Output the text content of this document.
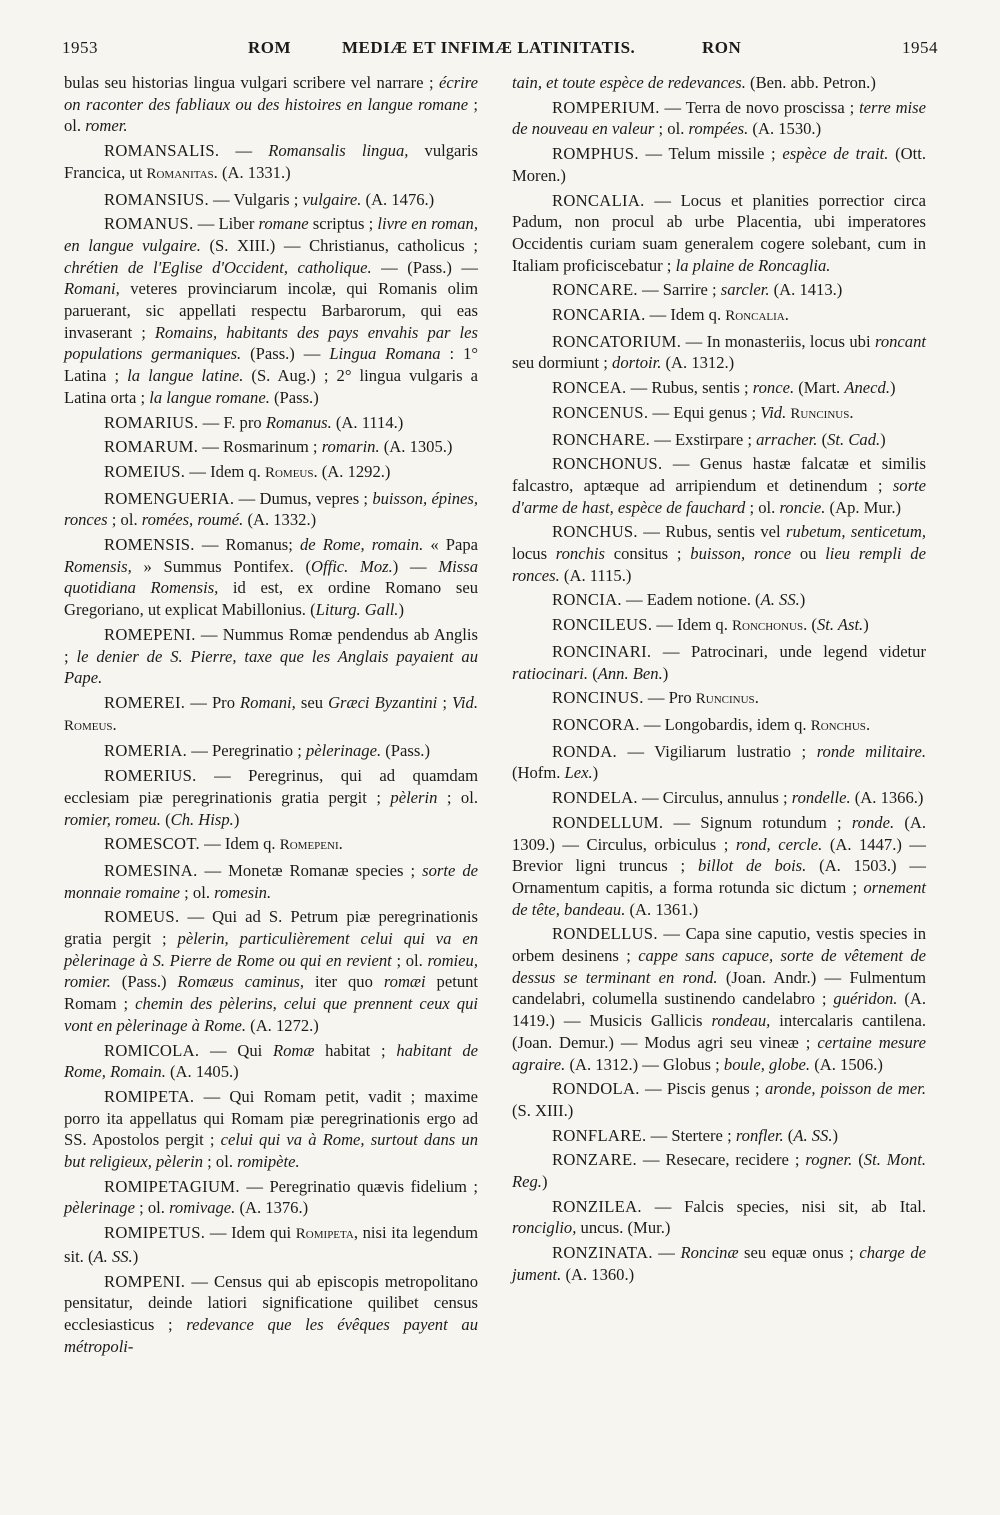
1953	ROM	MEDIÆ ET INFIMÆ LATINITATIS.	RON	1954

bulas seu historias lingua vulgari scribere vel narrare ; écrire on raconter des fabliaux ou des histoires en langue romane ; ol. romer.

ROMANSALIS. — Romansalis lingua, vulgaris Francica, ut Romanitas. (A. 1331.)

ROMANSIUS. — Vulgaris ; vulgaire. (A. 1476.)

ROMANUS. — Liber romane scriptus ; livre en roman, en langue vulgaire. (S. XIII.) — Christianus, catholicus ; chrétien de l'Eglise d'Occident, catholique. — (Pass.) — Romani, veteres provinciarum incolæ, qui Romanis olim paruerant, sic appellati respectu Barbarorum, qui eas invaserant ; Romains, habitants des pays envahis par les populations germaniques. (Pass.) — Lingua Romana : 1° Latina ; la langue latine. (S. Aug.) ; 2° lingua vulgaris a Latina orta ; la langue romane. (Pass.)

ROMARIUS. — F. pro Romanus. (A. 1114.)

ROMARUM. — Rosmarinum ; romarin. (A. 1305.)

ROMEIUS. — Idem q. Romeus. (A. 1292.)

ROMENGUERIA. — Dumus, vepres ; buisson, épines, ronces ; ol. romées, roumé. (A. 1332.)

ROMENSIS. — Romanus; de Rome, romain. « Papa Romensis, » Summus Pontifex. (Offic. Moz.) — Missa quotidiana Romensis, id est, ex ordine Romano seu Gregoriano, ut explicat Mabillonius. (Liturg. Gall.)

ROMEPENI. — Nummus Romæ pendendus ab Anglis ; le denier de S. Pierre, taxe que les Anglais payaient au Pape.

ROMEREI. — Pro Romani, seu Græci Byzantini ; Vid. Romeus.

ROMERIA. — Peregrinatio ; pèlerinage. (Pass.)

ROMERIUS. — Peregrinus, qui ad quamdam ecclesiam piæ peregrinationis gratia pergit ; pèlerin ; ol. romier, romeu. (Ch. Hisp.)

ROMESCOT. — Idem q. Romepeni.

ROMESINA. — Monetæ Romanæ species ; sorte de monnaie romaine ; ol. romesin.

ROMEUS. — Qui ad S. Petrum piæ peregrinationis gratia pergit ; pèlerin, particulièrement celui qui va en pèlerinage à S. Pierre de Rome ou qui en revient ; ol. romieu, romier. (Pass.) Romæus caminus, iter quo romæi petunt Romam ; chemin des pèlerins, celui que prennent ceux qui vont en pèlerinage à Rome. (A. 1272.)

ROMICOLA. — Qui Romæ habitat ; habitant de Rome, Romain. (A. 1405.)

ROMIPETA. — Qui Romam petit, vadit ; maxime porro ita appellatus qui Romam piæ peregrinationis ergo ad SS. Apostolos pergit ; celui qui va à Rome, surtout dans un but religieux, pèlerin ; ol. romipète.

ROMIPETAGIUM. — Peregrinatio quævis fidelium ; pèlerinage ; ol. romivage. (A. 1376.)

ROMIPETUS. — Idem qui Romipeta, nisi ita legendum sit. (A. SS.)

ROMPENI. — Census qui ab episcopis metropolitano pensitatur, deinde latiori significatione quilibet census ecclesiasticus ; redevance que les évêques payent au métropoli-

tain, et toute espèce de redevances. (Ben. abb. Petron.)

ROMPERIUM. — Terra de novo proscissa ; terre mise de nouveau en valeur ; ol. rompées. (A. 1530.)

ROMPHUS. — Telum missile ; espèce de trait. (Ott. Moren.)

RONCALIA. — Locus et planities porrectior circa Padum, non procul ab urbe Placentia, ubi imperatores Occidentis curiam suam generalem cogere solebant, cum in Italiam proficiscebatur ; la plaine de Roncaglia.

RONCARE. — Sarrire ; sarcler. (A. 1413.)

RONCARIA. — Idem q. Roncalia.

RONCATORIUM. — In monasteriis, locus ubi roncant seu dormiunt ; dortoir. (A. 1312.)

RONCEA. — Rubus, sentis ; ronce. (Mart. Anecd.)

RONCENUS. — Equi genus ; Vid. Runcinus.

RONCHARE. — Exstirpare ; arracher. (St. Cad.)

RONCHONUS. — Genus hastæ falcatæ et similis falcastro, aptæque ad arripiendum et detinendum ; sorte d'arme de hast, espèce de fauchard ; ol. roncie. (Ap. Mur.)

RONCHUS. — Rubus, sentis vel rubetum, senticetum, locus ronchis consitus ; buisson, ronce ou lieu rempli de ronces. (A. 1115.)

RONCIA. — Eadem notione. (A. SS.)

RONCILEUS. — Idem q. Ronchonus. (St. Ast.)

RONCINARI. — Patrocinari, unde legend videtur ratiocinari. (Ann. Ben.)

RONCINUS. — Pro Runcinus.

RONCORA. — Longobardis, idem q. Ronchus.

RONDA. — Vigiliarum lustratio ; ronde militaire. (Hofm. Lex.)

RONDELA. — Circulus, annulus ; rondelle. (A. 1366.)

RONDELLUM. — Signum rotundum ; ronde. (A. 1309.) — Circulus, orbiculus ; rond, cercle. (A. 1447.) — Brevior ligni truncus ; billot de bois. (A. 1503.) — Ornamentum capitis, a forma rotunda sic dictum ; ornement de tête, bandeau. (A. 1361.)

RONDELLUS. — Capa sine caputio, vestis species in orbem desinens ; cappe sans capuce, sorte de vêtement de dessus se terminant en rond. (Joan. Andr.) — Fulmentum candelabri, columella sustinendo candelabro ; guéridon. (A. 1419.) — Musicis Gallicis rondeau, intercalaris cantilena. (Joan. Demur.) — Modus agri seu vineæ ; certaine mesure agraire. (A. 1312.) — Globus ; boule, globe. (A. 1506.)

RONDOLA. — Piscis genus ; aronde, poisson de mer. (S. XIII.)

RONFLARE. — Stertere ; ronfler. (A. SS.)

RONZARE. — Resecare, recidere ; rogner. (St. Mont. Reg.)

RONZILEA. — Falcis species, nisi sit, ab Ital. ronciglio, uncus. (Mur.)

RONZINATA. — Roncinæ seu equæ onus ; charge de jument. (A. 1360.)
